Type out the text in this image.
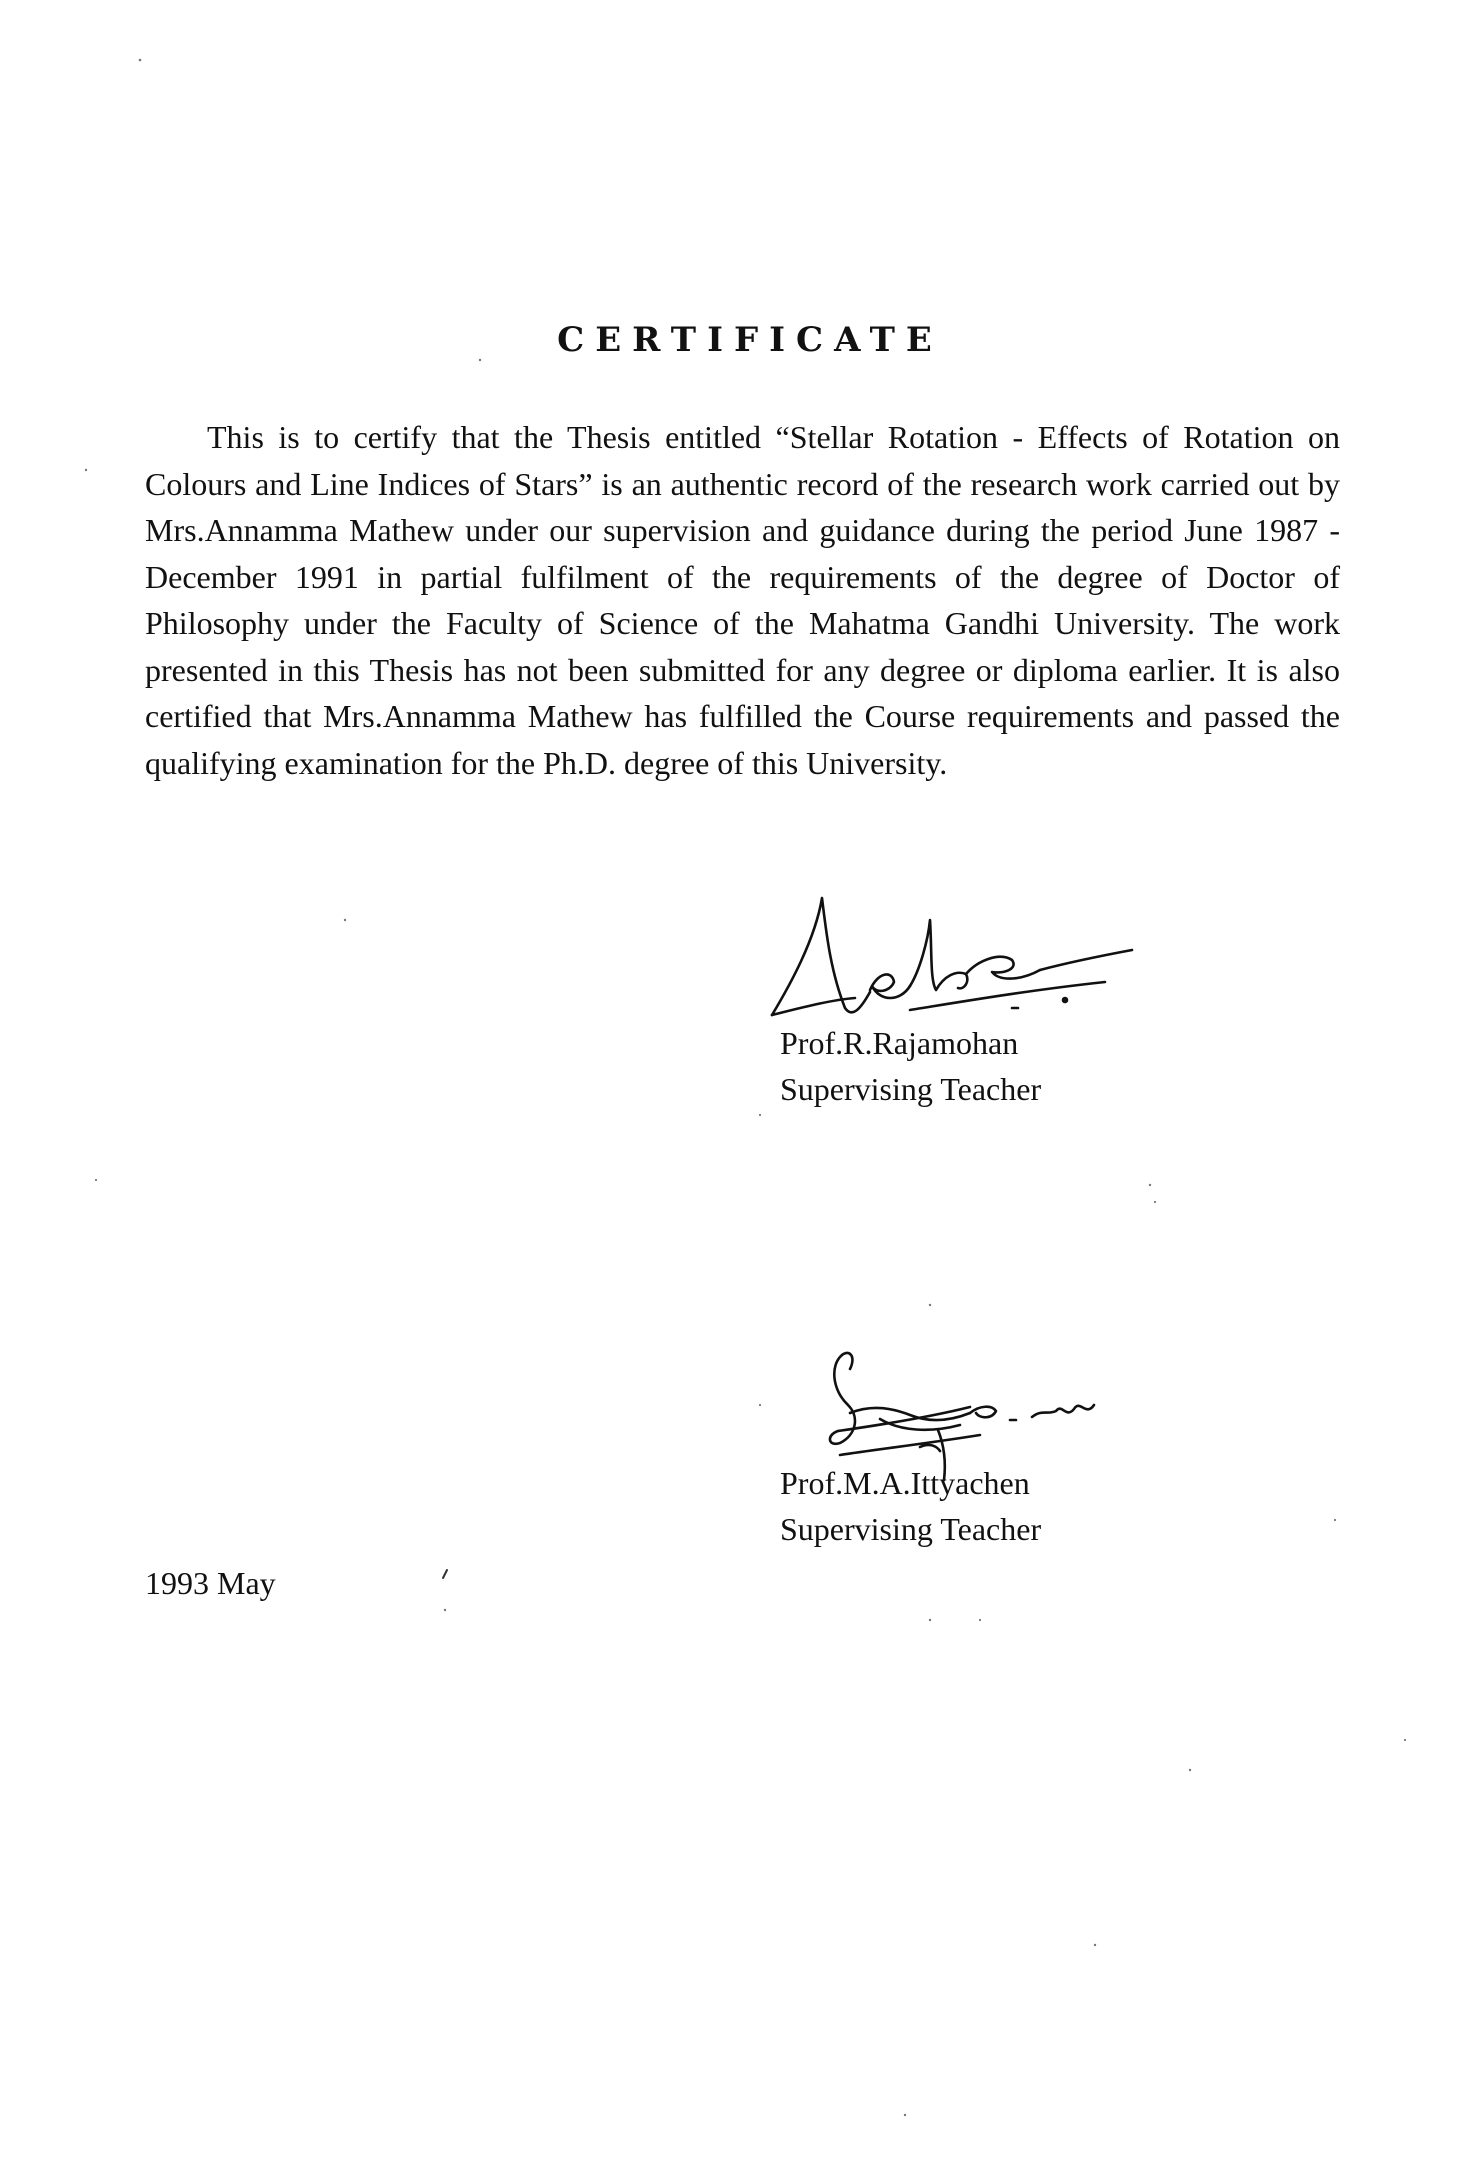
CERTIFICATE

This is to certify that the Thesis entitled “Stellar Rotation - Effects of Rotation on Colours and Line Indices of Stars” is an authentic record of the research work carried out by Mrs.Annamma Mathew under our supervision and guidance during the period June 1987 - December 1991 in partial fulfilment of the requirements of the degree of Doctor of Philosophy under the Faculty of Science of the Mahatma Gandhi University. The work presented in this Thesis has not been submitted for any degree or diploma earlier. It is also certified that Mrs.Annamma Mathew has fulfilled the Course requirements and passed the qualifying examination for the Ph.D. degree of this University.

Prof.R.Rajamohan
Supervising Teacher
Prof.M.A.Ittyachen
Supervising Teacher
1993 May
